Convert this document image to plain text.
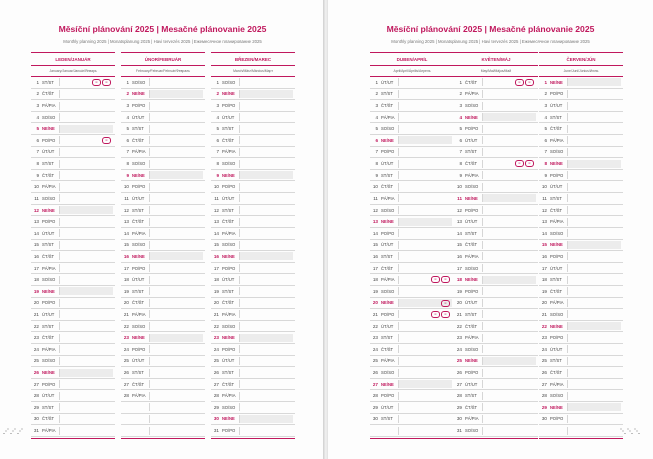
Měsíční plánování 2025 | Mesačné plánovanie 2025
Monthly planning 2025 | Monatsplanung 2025 | Havi tervezés 2025 | Ежемесячное планирование 2025
LEDEN/JANUÁR
January/Januar/Január/Январь
1 ST/ST	✉	✉
2 ČT/ŠT
3 PÁ/PIA
4 SO/SO
5 NE/NE
6 PO/PO	✉
7 ÚT/UT
8 ST/ST
9 ČT/ŠT
10 PÁ/PIA
11 SO/SO
12 NE/NE
13 PO/PO
14 ÚT/UT
15 ST/ST
16 ČT/ŠT
17 PÁ/PIA
18 SO/SO
19 NE/NE
20 PO/PO
21 ÚT/UT
22 ST/ST
23 ČT/ŠT
24 PÁ/PIA
25 SO/SO
26 NE/NE
27 PO/PO
28 ÚT/UT
29 ST/ST
30 ČT/ŠT
31 PÁ/PIA
ÚNOR/FEBRUÁR
February/Februar/Február/Февраль
1 SO/SO
2 NE/NE
3 PO/PO
4 ÚT/UT
5 ST/ST
6 ČT/ŠT
7 PÁ/PIA
8 SO/SO
9 NE/NE
10 PO/PO
11 ÚT/UT
12 ST/ST
13 ČT/ŠT
14 PÁ/PIA
15 SO/SO
16 NE/NE
17 PO/PO
18 ÚT/UT
19 ST/ST
20 ČT/ŠT
21 PÁ/PIA
22 SO/SO
23 NE/NE
24 PO/PO
25 ÚT/UT
26 ST/ST
27 ČT/ŠT
28 PÁ/PIA
BŘEZEN/MAREC
March/März/Március/Март
1 SO/SO
2 NE/NE
3 PO/PO
4 ÚT/UT
5 ST/ST
6 ČT/ŠT
7 PÁ/PIA
8 SO/SO
9 NE/NE
10 PO/PO
11 ÚT/UT
12 ST/ST
13 ČT/ŠT
14 PÁ/PIA
15 SO/SO
16 NE/NE
17 PO/PO
18 ÚT/UT
19 ST/ST
20 ČT/ŠT
21 PÁ/PIA
22 SO/SO
23 NE/NE
24 PO/PO
25 ÚT/UT
26 ST/ST
27 ČT/ŠT
28 PÁ/PIA
29 SO/SO
30 NE/NE
31 PO/PO
⋰⋰⋰
Měsíční plánování 2025 | Mesačné plánovanie 2025
Monthly planning 2025 | Monatsplanung 2025 | Havi tervezés 2025 | Ежемесячное планирование 2025
DUBEN/APRÍL
April/April/Április/Апрель
1 ÚT/UT
2 ST/ST
3 ČT/ŠT
4 PÁ/PIA
5 SO/SO
6 NE/NE
7 PO/PO
8 ÚT/UT
9 ST/ST
10 ČT/ŠT
11 PÁ/PIA
12 SO/SO
13 NE/NE
14 PO/PO
15 ÚT/UT
16 ST/ST
17 ČT/ŠT
18 PÁ/PIA	✉	✉
19 SO/SO
20 NE/NE	✉
21 PO/PO	✉	✉
22 ÚT/UT
23 ST/ST
24 ČT/ŠT
25 PÁ/PIA
26 SO/SO
27 NE/NE
28 PO/PO
29 ÚT/UT
30 ST/ST
KVĚTEN/MÁJ
May/Mai/Május/Май
1 ČT/ŠT	✉	✉
2 PÁ/PIA
3 SO/SO
4 NE/NE
5 PO/PO
6 ÚT/UT
7 ST/ST
8 ČT/ŠT	✉	✉
9 PÁ/PIA
10 SO/SO
11 NE/NE
12 PO/PO
13 ÚT/UT
14 ST/ST
15 ČT/ŠT
16 PÁ/PIA
17 SO/SO
18 NE/NE
19 PO/PO
20 ÚT/UT
21 ST/ST
22 ČT/ŠT
23 PÁ/PIA
24 SO/SO
25 NE/NE
26 PO/PO
27 ÚT/UT
28 ST/ST
29 ČT/ŠT
30 PÁ/PIA
31 SO/SO
ČERVEN/JÚN
June/Juni/Június/Июнь
1 NE/NE
2 PO/PO
3 ÚT/UT
4 ST/ST
5 ČT/ŠT
6 PÁ/PIA
7 SO/SO
8 NE/NE
9 PO/PO
10 ÚT/UT
11 ST/ST
12 ČT/ŠT
13 PÁ/PIA
14 SO/SO
15 NE/NE
16 PO/PO
17 ÚT/UT
18 ST/ST
19 ČT/ŠT
20 PÁ/PIA
21 SO/SO
22 NE/NE
23 PO/PO
24 ÚT/UT
25 ST/ST
26 ČT/ŠT
27 PÁ/PIA
28 SO/SO
29 NE/NE
30 PO/PO
⋱⋱⋱
